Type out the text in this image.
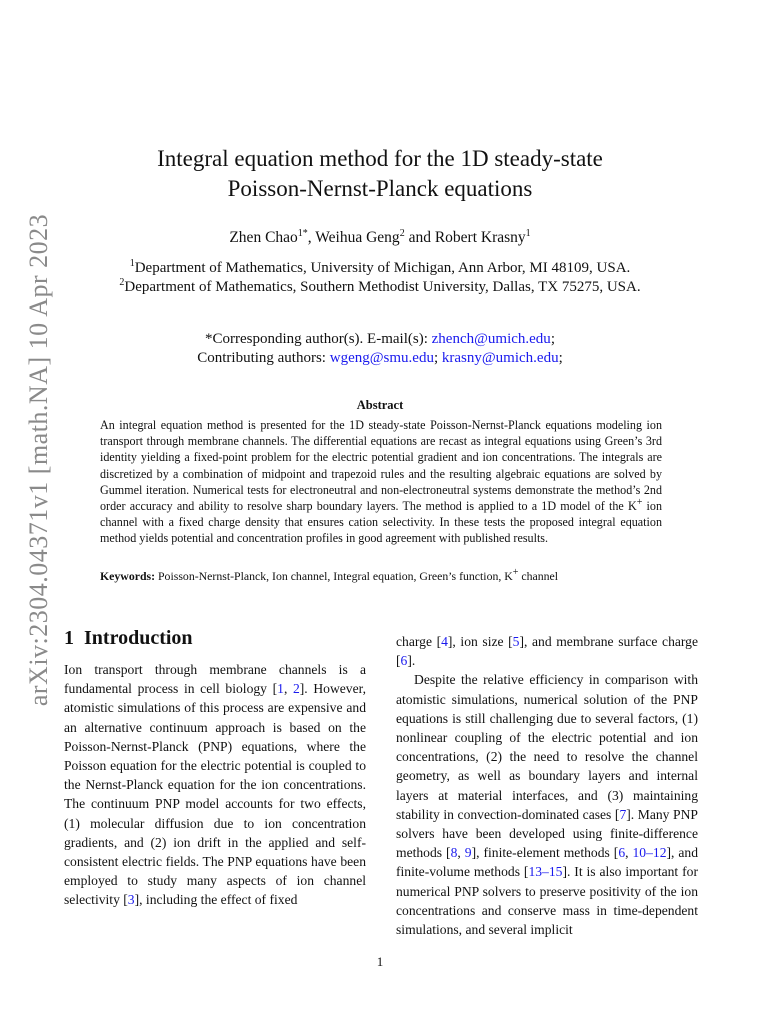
arXiv:2304.04371v1 [math.NA] 10 Apr 2023
Integral equation method for the 1D steady-state
Poisson-Nernst-Planck equations
Zhen Chao$^{1*}$, Weihua Geng$^2$ and Robert Krasny$^1$
$^1$Department of Mathematics, University of Michigan, Ann Arbor, MI 48109, USA.
$^2$Department of Mathematics, Southern Methodist University, Dallas, TX 75275, USA.
*Corresponding author(s). E-mail(s): zhench@umich.edu;
Contributing authors: wgeng@smu.edu; krasny@umich.edu;
Abstract
An integral equation method is presented for the 1D steady-state Poisson-Nernst-Planck equations modeling ion transport through membrane channels. The differential equations are recast as integral equations using Green’s 3rd identity yielding a fixed-point problem for the electric potential gradient and ion concentrations. The integrals are discretized by a combination of midpoint and trapezoid rules and the resulting algebraic equations are solved by Gummel iteration. Numerical tests for electroneutral and non-electroneutral systems demonstrate the method’s 2nd order accuracy and ability to resolve sharp boundary layers. The method is applied to a 1D model of the K+ ion channel with a fixed charge density that ensures cation selectivity. In these tests the proposed integral equation method yields potential and concentration profiles in good agreement with published results.
Keywords: Poisson-Nernst-Planck, Ion channel, Integral equation, Green’s function, K+ channel
1 Introduction

Ion transport through membrane channels is a fundamental process in cell biology [1, 2]. However, atomistic simulations of this process are expensive and an alternative continuum approach is based on the Poisson-Nernst-Planck (PNP) equations, where the Poisson equation for the electric potential is coupled to the Nernst-Planck equation for the ion concentrations. The continuum PNP model accounts for two effects, (1) molecular diffusion due to ion concentration gradients, and (2) ion drift in the applied and self-consistent electric fields. The PNP equations have been employed to study many aspects of ion channel selectivity [3], including the effect of fixed

charge [4], ion size [5], and membrane surface charge [6].

Despite the relative efficiency in comparison with atomistic simulations, numerical solution of the PNP equations is still challenging due to several factors, (1) nonlinear coupling of the electric potential and ion concentrations, (2) the need to resolve the channel geometry, as well as boundary layers and internal layers at material interfaces, and (3) maintaining stability in convection-dominated cases [7]. Many PNP solvers have been developed using finite-difference methods [8, 9], finite-element methods [6, 10–12], and finite-volume methods [13–15]. It is also important for numerical PNP solvers to preserve positivity of the ion concentrations and conserve mass in time-dependent simulations, and several implicit

1
